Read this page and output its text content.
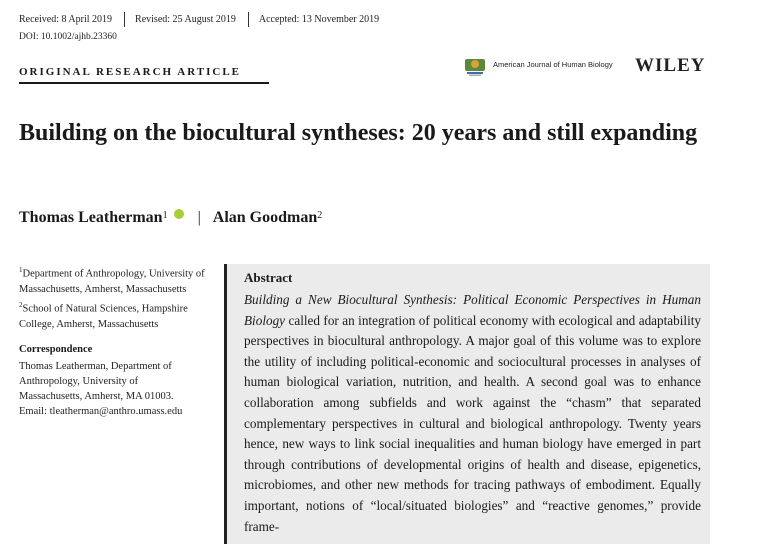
Received: 8 April 2019	Revised: 25 August 2019	Accepted: 13 November 2019
DOI: 10.1002/ajhb.23360
ORIGINAL RESEARCH ARTICLE
American Journal of Human Biology WILEY
Building on the biocultural syntheses: 20 years and still expanding
Thomas Leatherman$^1$ | Alan Goodman$^2$
$^1$Department of Anthropology, University of Massachusetts, Amherst, Massachusetts
$^2$School of Natural Sciences, Hampshire College, Amherst, Massachusetts
Correspondence
Thomas Leatherman, Department of
Anthropology, University of
Massachusetts, Amherst, MA 01003.
Email: tleatherman@anthro.umass.edu
Abstract
Building a New Biocultural Synthesis: Political Economic Perspectives in Human Biology called for an integration of political economy with ecological and adaptability perspectives in biocultural anthropology. A major goal of this volume was to explore the utility of including political-economic and sociocultural processes in analyses of human biological variation, nutrition, and health. A second goal was to enhance collaboration among subfields and work against the “chasm” that separated complementary perspectives in cultural and biological anthropology. Twenty years hence, new ways to link social inequalities and human biology have emerged in part through contributions of developmental origins of health and disease, epigenetics, microbiomes, and other new methods for tracing pathways of embodiment. Equally important, notions of “local/situated biologies” and “reactive genomes,” provide frame-
